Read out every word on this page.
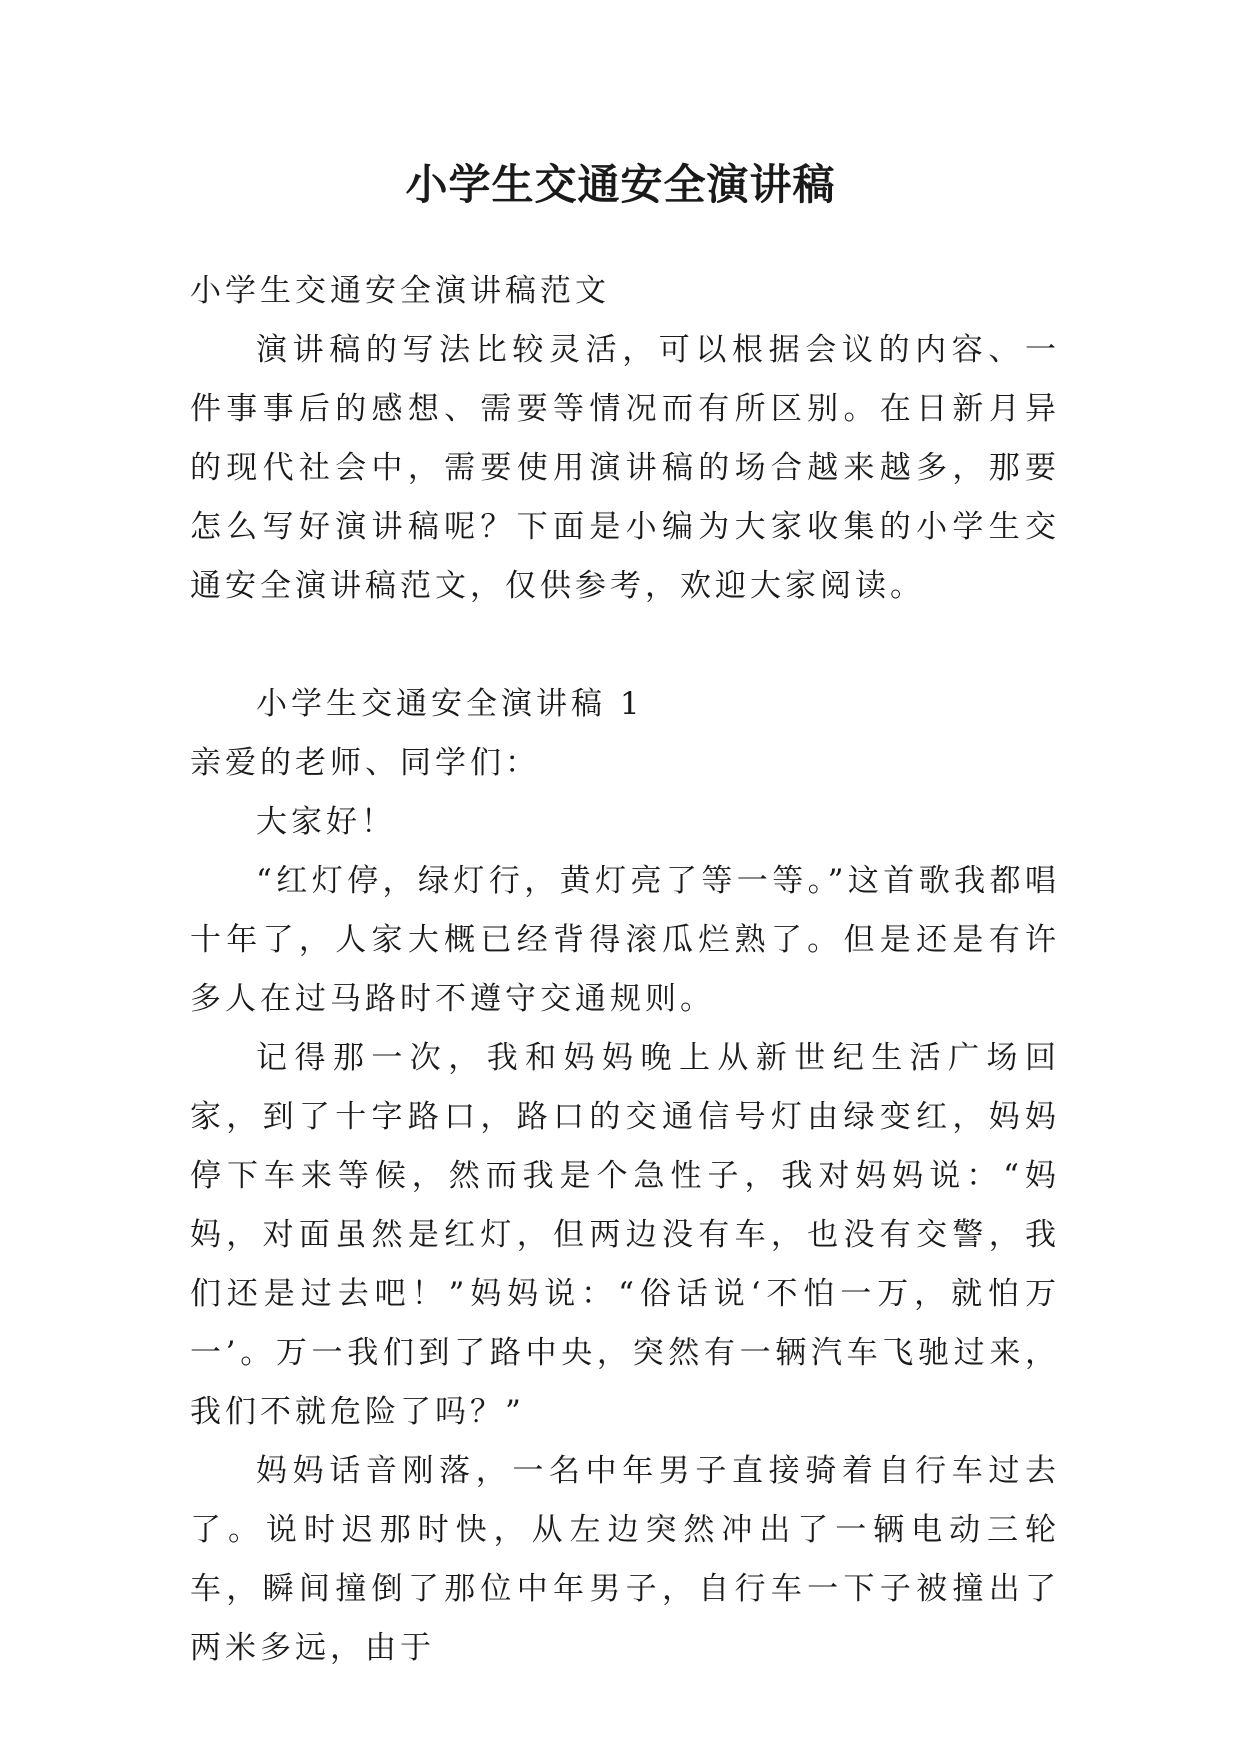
小学生交通安全演讲稿

小学生交通安全演讲稿范文

演讲稿的写法比较灵活，可以根据会议的内容、一件事事后的感想、需要等情况而有所区别。在日新月异的现代社会中，需要使用演讲稿的场合越来越多，那要怎么写好演讲稿呢？下面是小编为大家收集的小学生交通安全演讲稿范文，仅供参考，欢迎大家阅读。

小学生交通安全演讲稿 1

亲爱的老师、同学们：

大家好！

“红灯停，绿灯行，黄灯亮了等一等。”这首歌我都唱十年了，人家大概已经背得滚瓜烂熟了。但是还是有许多人在过马路时不遵守交通规则。

记得那一次，我和妈妈晚上从新世纪生活广场回家，到了十字路口，路口的交通信号灯由绿变红，妈妈停下车来等候，然而我是个急性子，我对妈妈说：“妈妈，对面虽然是红灯，但两边没有车，也没有交警，我们还是过去吧！”妈妈说：“俗话说‘不怕一万，就怕万一’。万一我们到了路中央，突然有一辆汽车飞驰过来，我们不就危险了吗？”

妈妈话音刚落，一名中年男子直接骑着自行车过去了。说时迟那时快，从左边突然冲出了一辆电动三轮车，瞬间撞倒了那位中年男子，自行车一下子被撞出了两米多远，由于
